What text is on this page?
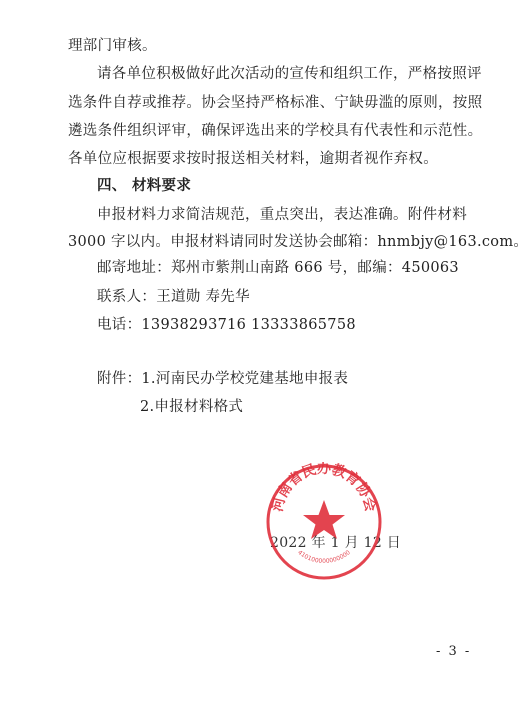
理部门审核。
请各单位积极做好此次活动的宣传和组织工作，严格按照评
选条件自荐或推荐。协会坚持严格标准、宁缺毋滥的原则，按照
遴选条件组织评审，确保评选出来的学校具有代表性和示范性。
各单位应根据要求按时报送相关材料，逾期者视作弃权。
四、 材料要求
申报材料力求简洁规范，重点突出，表达准确。附件材料
3000 字以内。申报材料请同时发送协会邮箱：hnmbjy@163.com。
邮寄地址：郑州市紫荆山南路 666 号，邮编：450063
联系人：王道勋 寿先华
电话：13938293716 13333865758
附件：1.河南民办学校党建基地申报表
2.申报材料格式
2022 年 1 月 12 日
河南省民办教育协会
410100000000000
- 3 -
